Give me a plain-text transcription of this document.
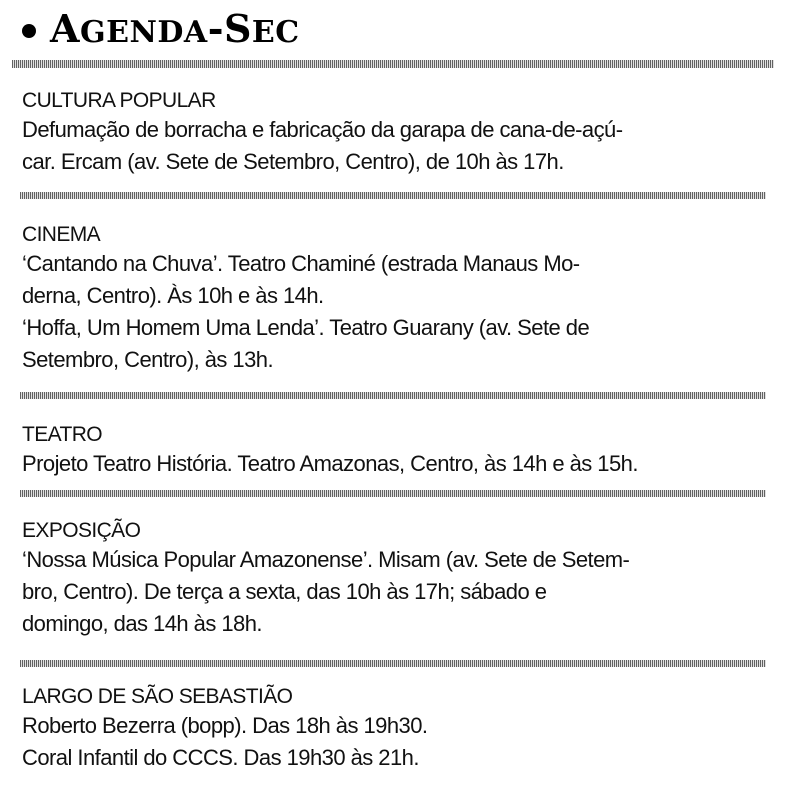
AGENDA-SEC
CULTURA POPULAR
Defumação de borracha e fabricação da garapa de cana-de-açú-
car. Ercam (av. Sete de Setembro, Centro), de 10h às 17h.
CINEMA
‘Cantando na Chuva’. Teatro Chaminé (estrada Manaus Mo-
derna, Centro). Às 10h e às 14h.
‘Hoffa, Um Homem Uma Lenda’. Teatro Guarany (av. Sete de
Setembro, Centro), às 13h.
TEATRO
Projeto Teatro História. Teatro Amazonas, Centro, às 14h e às 15h.
EXPOSIÇÃO
‘Nossa Música Popular Amazonense’. Misam (av. Sete de Setem-
bro, Centro). De terça a sexta, das 10h às 17h; sábado e
domingo, das 14h às 18h.
LARGO DE SÃO SEBASTIÃO
Roberto Bezerra (bopp). Das 18h às 19h30.
Coral Infantil do CCCS. Das 19h30 às 21h.
